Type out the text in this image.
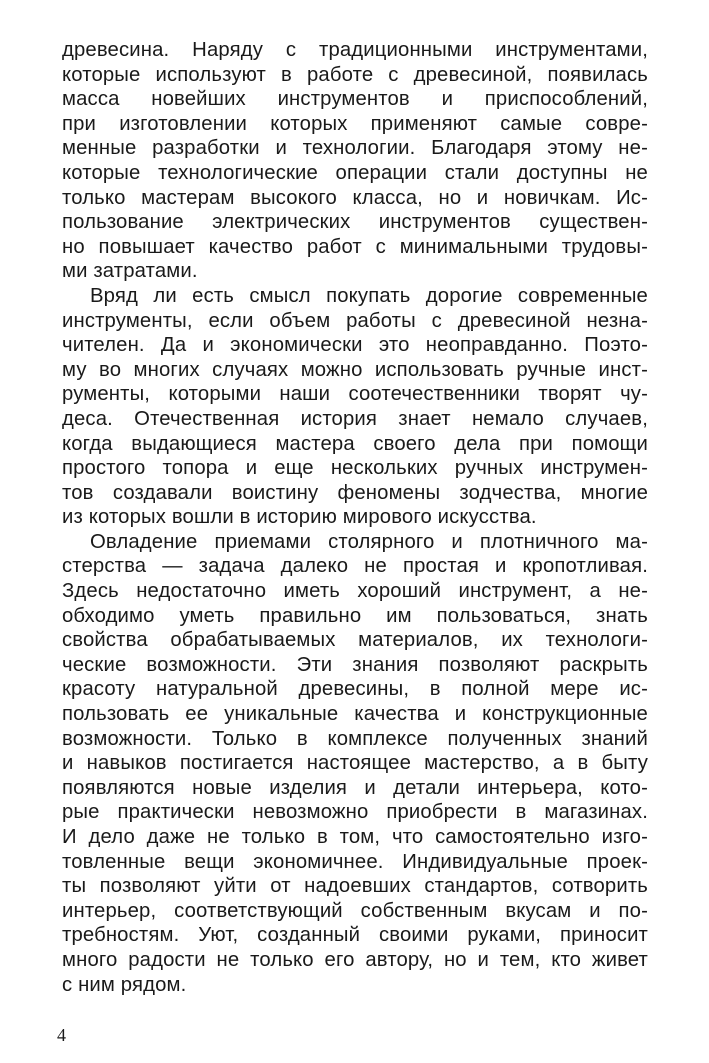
древесина. Наряду с традиционными инструментами,
которые используют в работе с древесиной, появилась
масса новейших инструментов и приспособлений,
при изготовлении которых применяют самые совре-
менные разработки и технологии. Благодаря этому не-
которые технологические операции стали доступны не
только мастерам высокого класса, но и новичкам. Ис-
пользование электрических инструментов существен-
но повышает качество работ с минимальными трудовы-
ми затратами.
Вряд ли есть смысл покупать дорогие современные
инструменты, если объем работы с древесиной незна-
чителен. Да и экономически это неоправданно. Поэто-
му во многих случаях можно использовать ручные инст-
рументы, которыми наши соотечественники творят чу-
деса. Отечественная история знает немало случаев,
когда выдающиеся мастера своего дела при помощи
простого топора и еще нескольких ручных инструмен-
тов создавали воистину феномены зодчества, многие
из которых вошли в историю мирового искусства.
Овладение приемами столярного и плотничного ма-
стерства — задача далеко не простая и кропотливая.
Здесь недостаточно иметь хороший инструмент, а не-
обходимо уметь правильно им пользоваться, знать
свойства обрабатываемых материалов, их технологи-
ческие возможности. Эти знания позволяют раскрыть
красоту натуральной древесины, в полной мере ис-
пользовать ее уникальные качества и конструкционные
возможности. Только в комплексе полученных знаний
и навыков постигается настоящее мастерство, а в быту
появляются новые изделия и детали интерьера, кото-
рые практически невозможно приобрести в магазинах.
И дело даже не только в том, что самостоятельно изго-
товленные вещи экономичнее. Индивидуальные проек-
ты позволяют уйти от надоевших стандартов, сотворить
интерьер, соответствующий собственным вкусам и по-
требностям. Уют, созданный своими руками, приносит
много радости не только его автору, но и тем, кто живет
с ним рядом.
4
